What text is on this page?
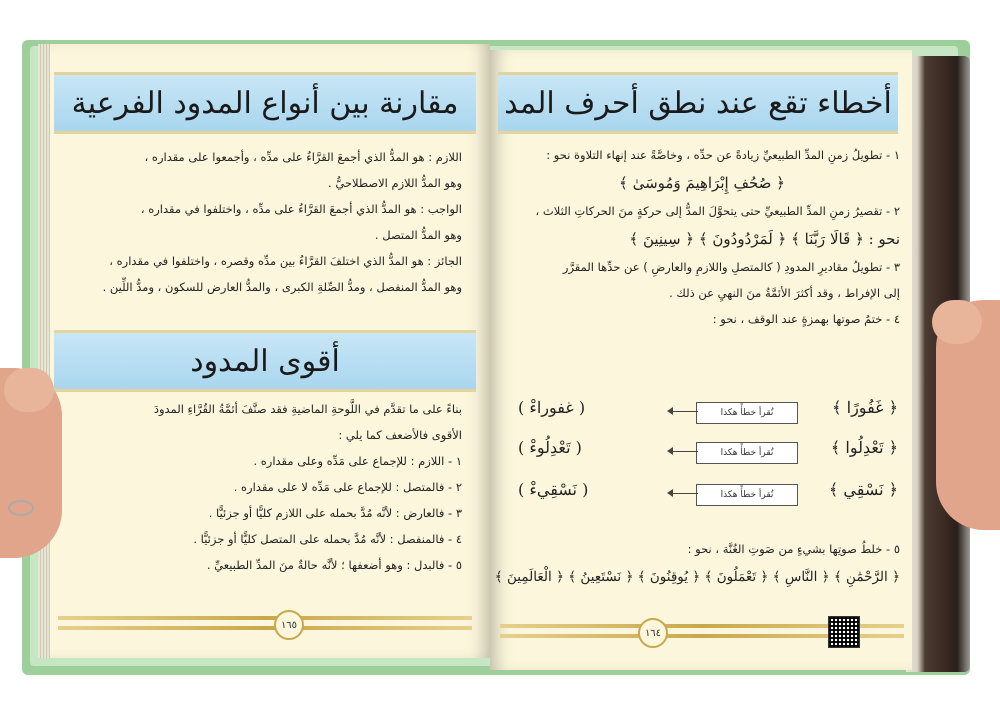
مقارنة بين أنواع المدود الفرعية
اللازم : هو المدُّ الذي أجمعَ القرَّاءُ على مدِّه ، وأجمعوا على مقداره ،
وهو المدُّ اللازم الاصطلاحيُّ .
الواجب : هو المدُّ الذي أجمعَ القرَّاءُ على مدِّه ، واختلفوا في مقداره ،
وهو المدُّ المتصل .
الجائز : هو المدُّ الذي اختلفَ القرَّاءُ بين مدِّه وقصره ، واختلفوا في مقداره ،
وهو المدُّ المنفصل ، ومدُّ الصِّلةِ الكبرى ، والمدُّ العارض للسكون ، ومدُّ اللِّين .
أقوى المدود
بناءً على ما تقدَّم في اللَّوحةِ الماضيةِ فقد صنَّفَ أئمَّةُ القُرَّاءِ المدودَ
الأقوى فالأضعف كما يلي :
١ - اللازم : للإجماع على مَدِّه وعلى مقداره .
٢ - فالمتصل : للإجماع على مَدِّه لا على مقداره .
٣ - فالعارض : لأنَّه مُدَّ بحمله على اللازم كليًّا أو جزئيًّا .
٤ - فالمنفصل : لأنَّه مُدَّ بحمله على المتصل كليًّا أو جزئيًّا .
٥ - فالبدل : وهو أضعفها ؛ لأنَّه حالةٌ منَ المدِّ الطبيعيِّ .
١٦٥
أخطاء تقع عند نطق أحرف المد
١ - تطويلُ زمنِ المدِّ الطبيعيِّ زيادةً عن حدِّه ، وخاصَّةً عند إنهاء التلاوة نحو :
﴿ صُحُفِ إِبْرَاهِيمَ وَمُوسَىٰ ﴾
٢ - تقصيرُ زمنِ المدِّ الطبيعيِّ حتى يتحوَّلَ المدُّ إلى حركةٍ منَ الحركاتِ الثلاث ،
نحو : ﴿ قَالَا رَبَّنَا ﴾ ﴿ لَمَرْدُودُونَ ﴾ ﴿ سِينِينَ ﴾
٣ - تطويلُ مقاديرِ المدودِ ( كالمتصلِ واللازمِ والعارضِ ) عن حدِّها المقرَّر
إلى الإفراط ، وقد أكثرَ الأئمَّةُ منَ النهيِ عن ذلك .
٤ - ختمُ صوتها بهمزةٍ عند الوقف ، نحو :
﴿ غَفُورًا ﴾
تُقرأ خطأً هكذا
( غفوراءْ )
﴿ تَعْدِلُوا ﴾
تُقرأ خطأً هكذا
( تَعْدِلُوءْ )
﴿ نَسْقِي ﴾
تُقرأ خطأً هكذا
( نَسْقِيءْ )
٥ - خلطُ صوتِها بشيءٍ من صَوتِ الغُنَّة ، نحو :
﴿ الرَّحْمَٰنِ ﴾ ﴿ النَّاسِ ﴾ ﴿ تَعْمَلُونَ ﴾ ﴿ يُوقِنُونَ ﴾ ﴿ نَسْتَعِينُ ﴾ ﴿ الْعَالَمِينَ ﴾
١٦٤
